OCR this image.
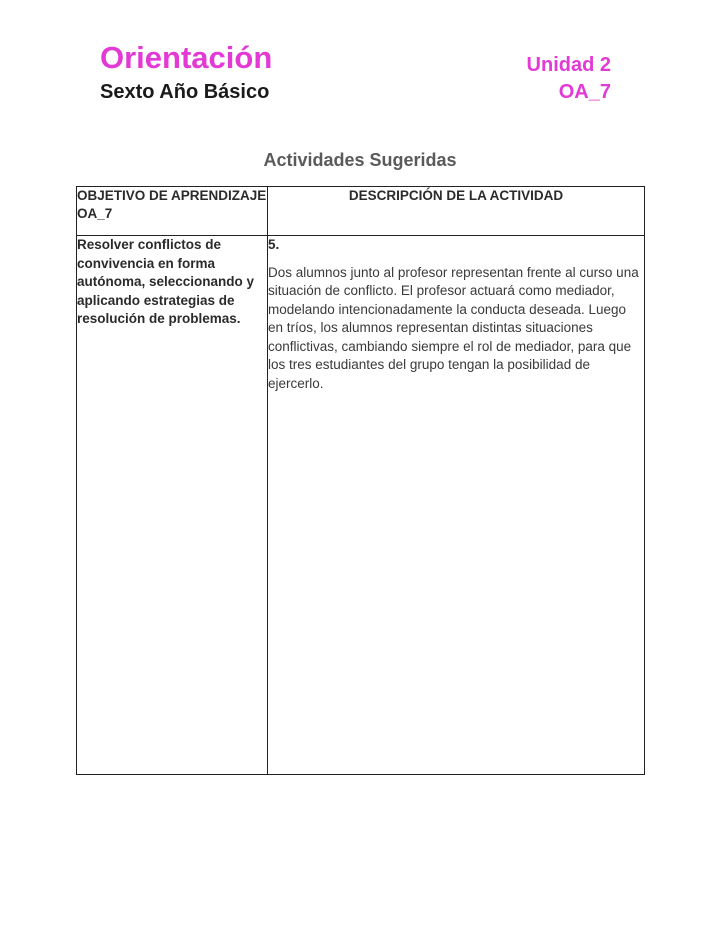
Orientación
Sexto Año Básico
Unidad 2
OA_7
Actividades Sugeridas
OBJETIVO DE APRENDIZAJE OA_7	DESCRIPCIÓN DE LA ACTIVIDAD
Resolver conflictos de convivencia en forma autónoma, seleccionando y aplicando estrategias de resolución de problemas.	5.
Dos alumnos junto al profesor representan frente al curso una situación de conflicto. El profesor actuará como mediador, modelando intencionadamente la conducta deseada. Luego en tríos, los alumnos representan distintas situaciones conflictivas, cambiando siempre el rol de mediador, para que los tres estudiantes del grupo tengan la posibilidad de ejercerlo.
